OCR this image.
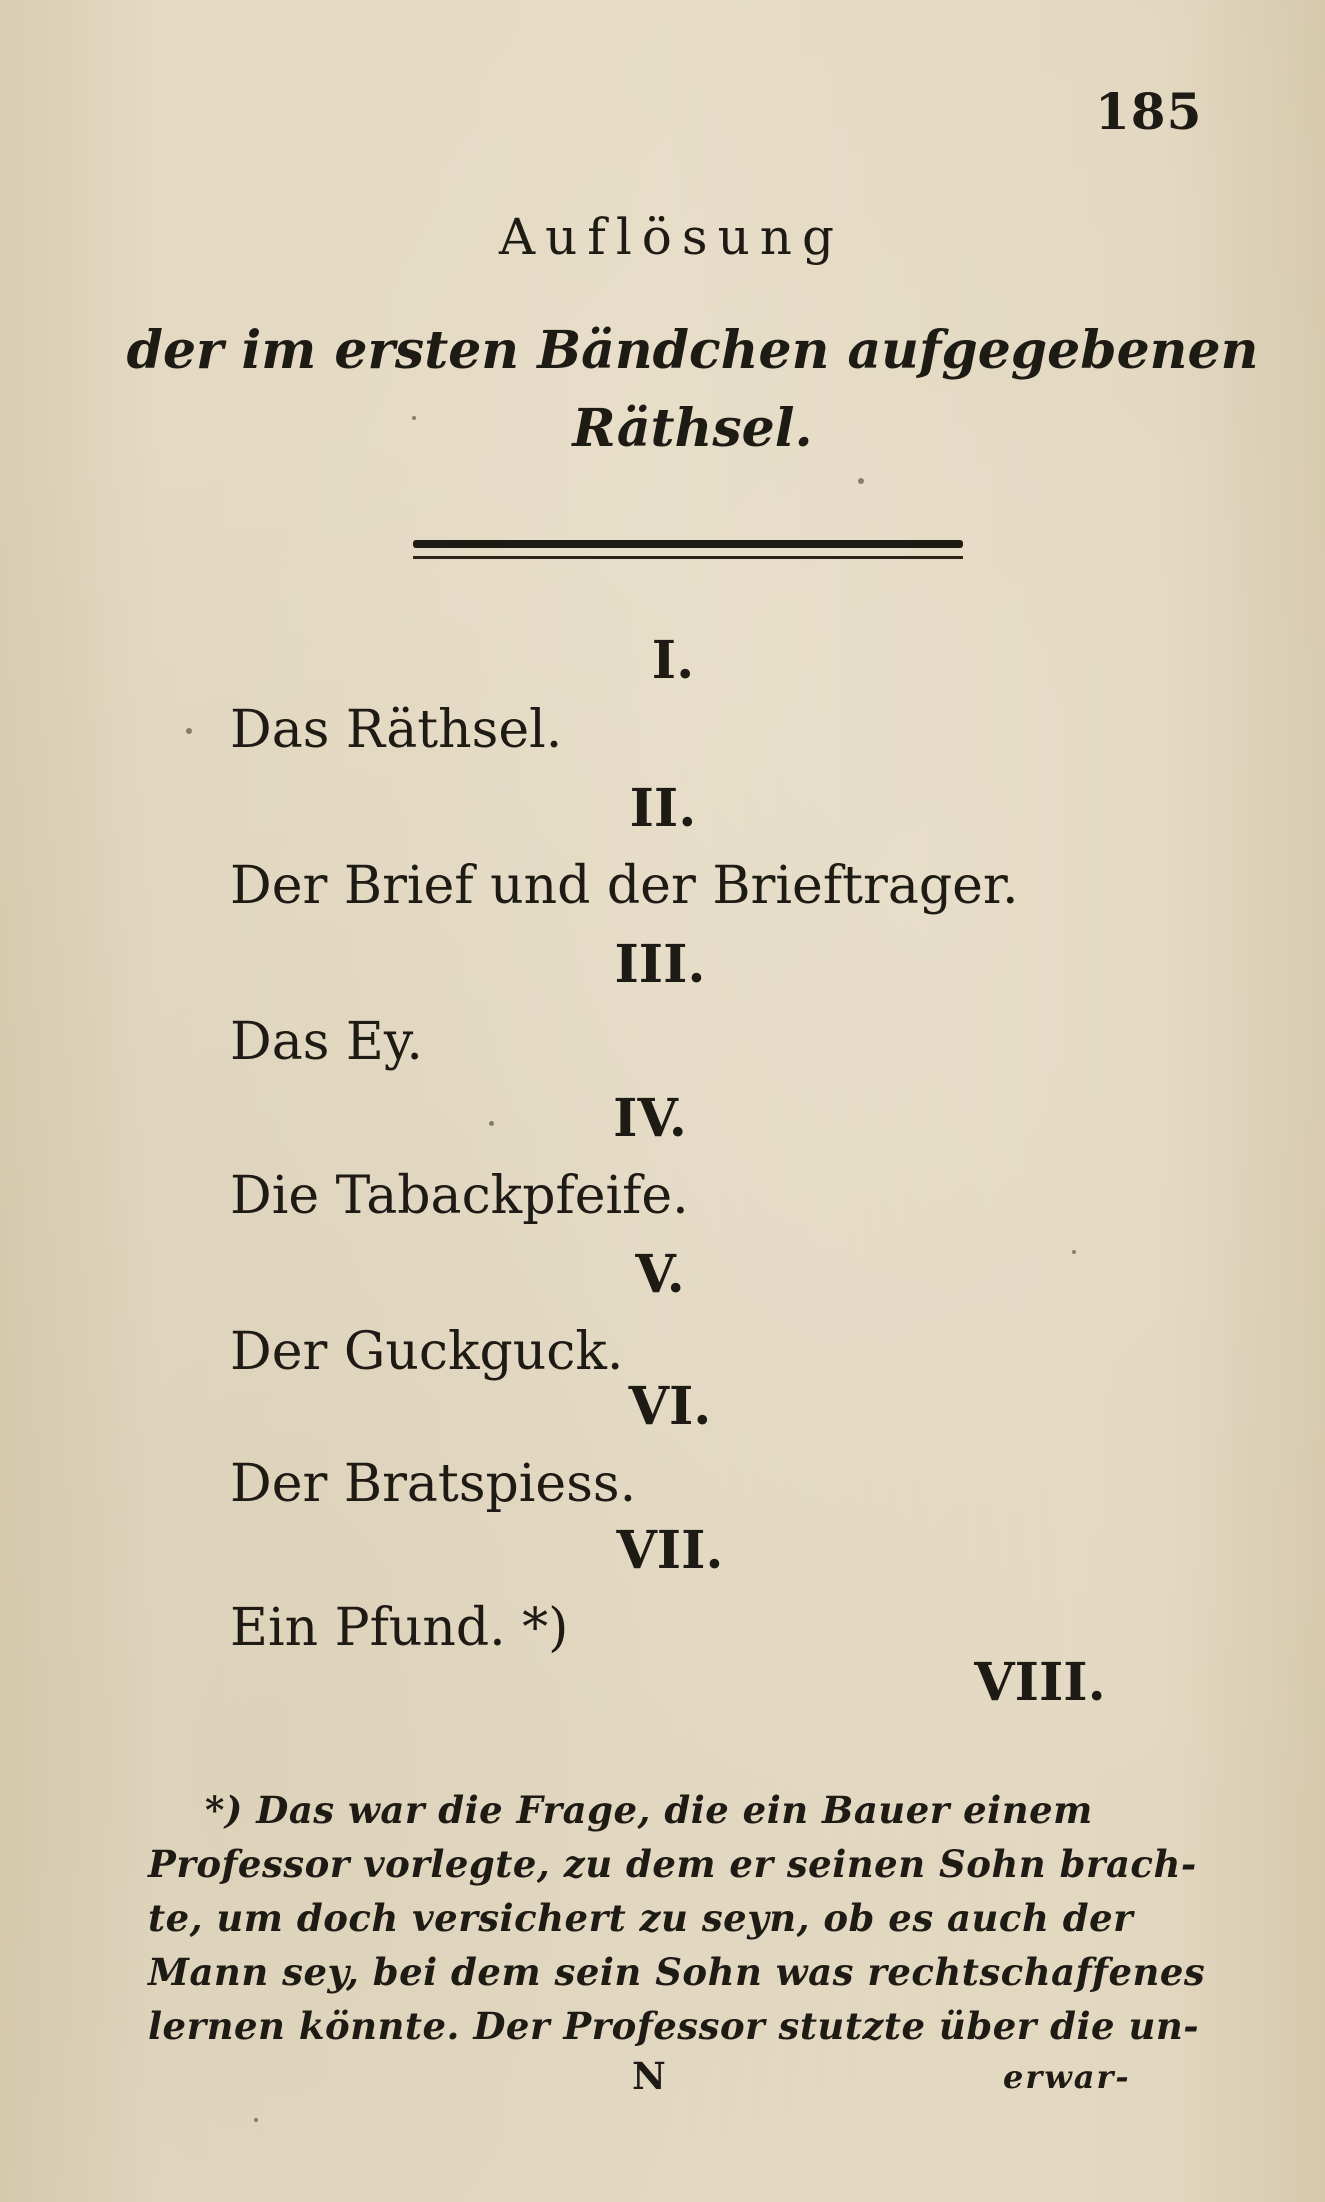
185
Auflösung
der im ersten Bändchen aufgegebenen
Räthsel.
I.
Das Räthsel.
II.
Der Brief und der Brieftrager.
III.
Das Ey.
IV.
Die Tabackpfeife.
V.
Der Guckguck.
VI.
Der Bratspiess.
VII.
Ein Pfund. *)
VIII.
*) Das war die Frage, die ein Bauer einem
Professor vorlegte, zu dem er seinen Sohn brach-
te, um doch versichert zu seyn, ob es auch der
Mann sey, bei dem sein Sohn was rechtschaffenes
lernen könnte. Der Professor stutzte über die un-
N	erwar-
